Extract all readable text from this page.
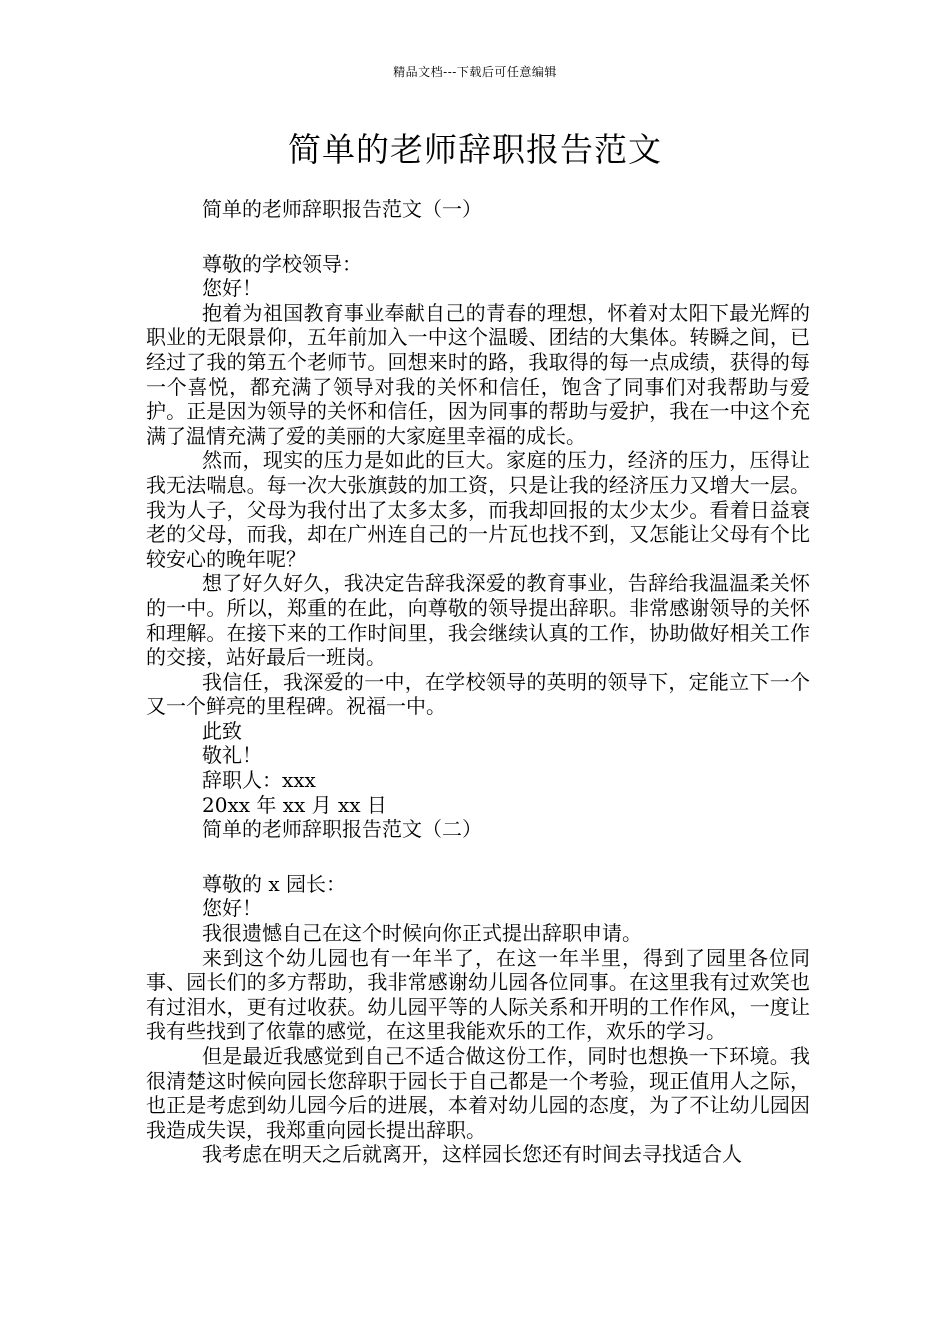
精品文档---下载后可任意编辑
简单的老师辞职报告范文

简单的老师辞职报告范文（一）

尊敬的学校领导：

您好！

抱着为祖国教育事业奉献自己的青春的理想，怀着对太阳下最光辉的职业的无限景仰，五年前加入一中这个温暖、团结的大集体。转瞬之间，已经过了我的第五个老师节。回想来时的路，我取得的每一点成绩，获得的每一个喜悦，都充满了领导对我的关怀和信任，饱含了同事们对我帮助与爱护。正是因为领导的关怀和信任，因为同事的帮助与爱护，我在一中这个充满了温情充满了爱的美丽的大家庭里幸福的成长。

然而，现实的压力是如此的巨大。家庭的压力，经济的压力，压得让我无法喘息。每一次大张旗鼓的加工资，只是让我的经济压力又增大一层。我为人子，父母为我付出了太多太多，而我却回报的太少太少。看着日益衰老的父母，而我，却在广州连自己的一片瓦也找不到，又怎能让父母有个比较安心的晚年呢？

想了好久好久，我决定告辞我深爱的教育事业，告辞给我温温柔关怀的一中。所以，郑重的在此，向尊敬的领导提出辞职。非常感谢领导的关怀和理解。在接下来的工作时间里，我会继续认真的工作，协助做好相关工作的交接，站好最后一班岗。

我信任，我深爱的一中，在学校领导的英明的领导下，定能立下一个又一个鲜亮的里程碑。祝福一中。

此致

敬礼！

辞职人：xxx

20xx 年 xx 月 xx 日

简单的老师辞职报告范文（二）

尊敬的 x 园长：

您好！

我很遗憾自己在这个时候向你正式提出辞职申请。

来到这个幼儿园也有一年半了，在这一年半里，得到了园里各位同事、园长们的多方帮助，我非常感谢幼儿园各位同事。在这里我有过欢笑也有过泪水，更有过收获。幼儿园平等的人际关系和开明的工作作风，一度让我有些找到了依靠的感觉，在这里我能欢乐的工作，欢乐的学习。

但是最近我感觉到自己不适合做这份工作，同时也想换一下环境。我很清楚这时候向园长您辞职于园长于自己都是一个考验，现正值用人之际，也正是考虑到幼儿园今后的进展，本着对幼儿园的态度，为了不让幼儿园因我造成失误，我郑重向园长提出辞职。

我考虑在明天之后就离开，这样园长您还有时间去寻找适合人
